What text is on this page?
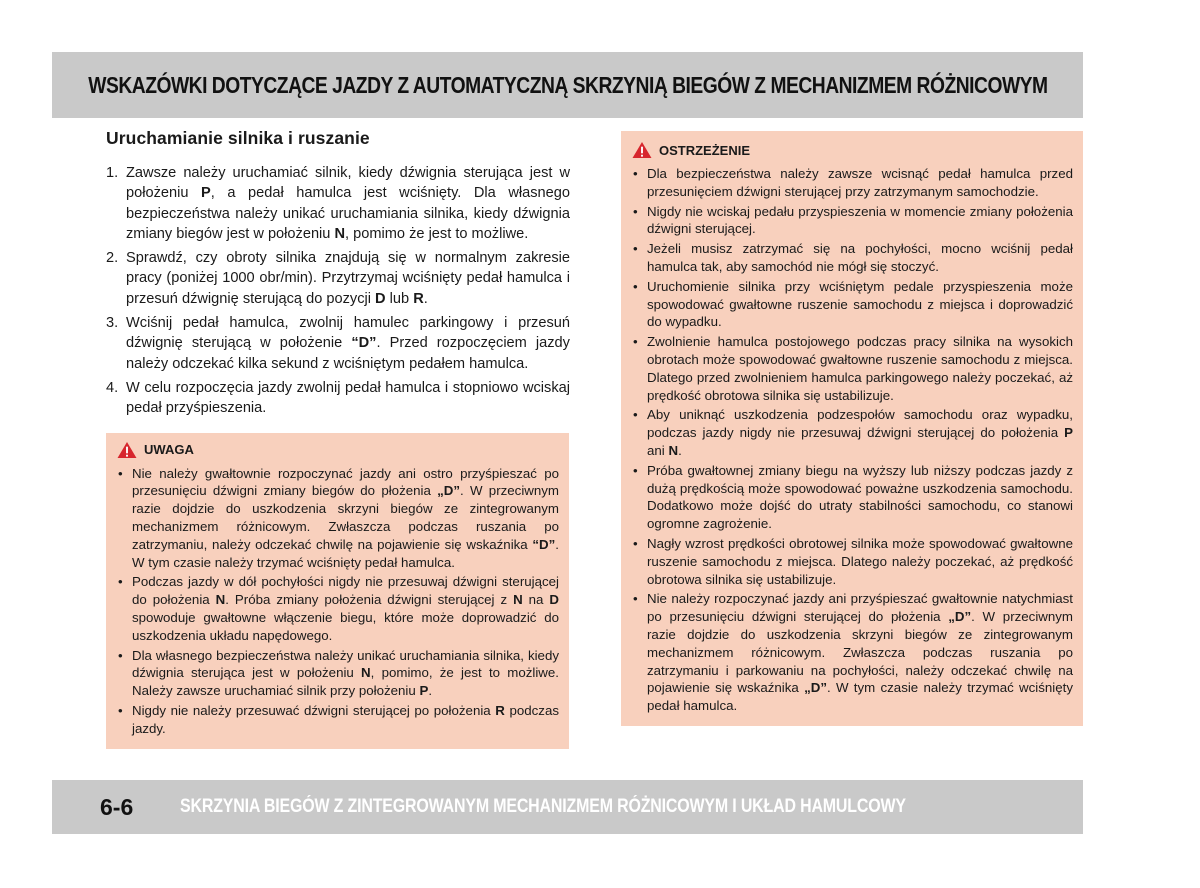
WSKAZÓWKI DOTYCZĄCE JAZDY Z AUTOMATYCZNĄ SKRZYNIĄ BIEGÓW Z MECHANIZMEM RÓŻNICOWYM
Uruchamianie silnika i ruszanie
1. Zawsze należy uruchamiać silnik, kiedy dźwignia sterująca jest w położeniu P, a pedał hamulca jest wciśnięty. Dla własnego bezpieczeństwa należy unikać uruchamiania silnika, kiedy dźwignia zmiany biegów jest w położeniu N, pomimo że jest to możliwe.
2. Sprawdź, czy obroty silnika znajdują się w normalnym zakresie pracy (poniżej 1000 obr/min). Przytrzymaj wciśnięty pedał hamulca i przesuń dźwignię sterującą do pozycji D lub R.
3. Wciśnij pedał hamulca, zwolnij hamulec parkingowy i przesuń dźwignię sterującą w położenie “D”. Przed rozpoczęciem jazdy należy odczekać kilka sekund z wciśniętym pedałem hamulca.
4. W celu rozpoczęcia jazdy zwolnij pedał hamulca i stopniowo wciskaj pedał przyśpieszenia.
UWAGA
• Nie należy gwałtownie rozpoczynać jazdy ani ostro przyśpieszać po przesunięciu dźwigni zmiany biegów do płożenia „D”. W przeciwnym razie dojdzie do uszkodzenia skrzyni biegów ze zintegrowanym mechanizmem różnicowym. Zwłaszcza podczas ruszania po zatrzymaniu, należy odczekać chwilę na pojawienie się wskaźnika “D”. W tym czasie należy trzymać wciśnięty pedał hamulca.
• Podczas jazdy w dół pochyłości nigdy nie przesuwaj dźwigni sterującej do położenia N. Próba zmiany położenia dźwigni sterującej z N na D spowoduje gwałtowne włączenie biegu, które może doprowadzić do uszkodzenia układu napędowego.
• Dla własnego bezpieczeństwa należy unikać uruchamiania silnika, kiedy dźwignia sterująca jest w położeniu N, pomimo, że jest to możliwe. Należy zawsze uruchamiać silnik przy położeniu P.
• Nigdy nie należy przesuwać dźwigni sterującej po położenia R podczas jazdy.
OSTRZEŻENIE
• Dla bezpieczeństwa należy zawsze wcisnąć pedał hamulca przed przesunięciem dźwigni sterującej przy zatrzymanym samochodzie.
• Nigdy nie wciskaj pedału przyspieszenia w momencie zmiany położenia dźwigni sterującej.
• Jeżeli musisz zatrzymać się na pochyłości, mocno wciśnij pedał hamulca tak, aby samochód nie mógł się stoczyć.
• Uruchomienie silnika przy wciśniętym pedale przyspieszenia może spowodować gwałtowne ruszenie samochodu z miejsca i doprowadzić do wypadku.
• Zwolnienie hamulca postojowego podczas pracy silnika na wysokich obrotach może spowodować gwałtowne ruszenie samochodu z miejsca. Dlatego przed zwolnieniem hamulca parkingowego należy poczekać, aż prędkość obrotowa silnika się ustabilizuje.
• Aby uniknąć uszkodzenia podzespołów samochodu oraz wypadku, podczas jazdy nigdy nie przesuwaj dźwigni sterującej do położenia P ani N.
• Próba gwałtownej zmiany biegu na wyższy lub niższy podczas jazdy z dużą prędkością może spowodować poważne uszkodzenia samochodu. Dodatkowo może dojść do utraty stabilności samochodu, co stanowi ogromne zagrożenie.
• Nagły wzrost prędkości obrotowej silnika może spowodować gwałtowne ruszenie samochodu z miejsca. Dlatego należy poczekać, aż prędkość obrotowa silnika się ustabilizuje.
• Nie należy rozpoczynać jazdy ani przyśpieszać gwałtownie natychmiast po przesunięciu dźwigni sterującej do płożenia „D”. W przeciwnym razie dojdzie do uszkodzenia skrzyni biegów ze zintegrowanym mechanizmem różnicowym. Zwłaszcza podczas ruszania po zatrzymaniu i parkowaniu na pochyłości, należy odczekać chwilę na pojawienie się wskaźnika „D”. W tym czasie należy trzymać wciśnięty pedał hamulca.
6-6	SKRZYNIA BIEGÓW Z ZINTEGROWANYM MECHANIZMEM RÓŻNICOWYM I UKŁAD HAMULCOWY
